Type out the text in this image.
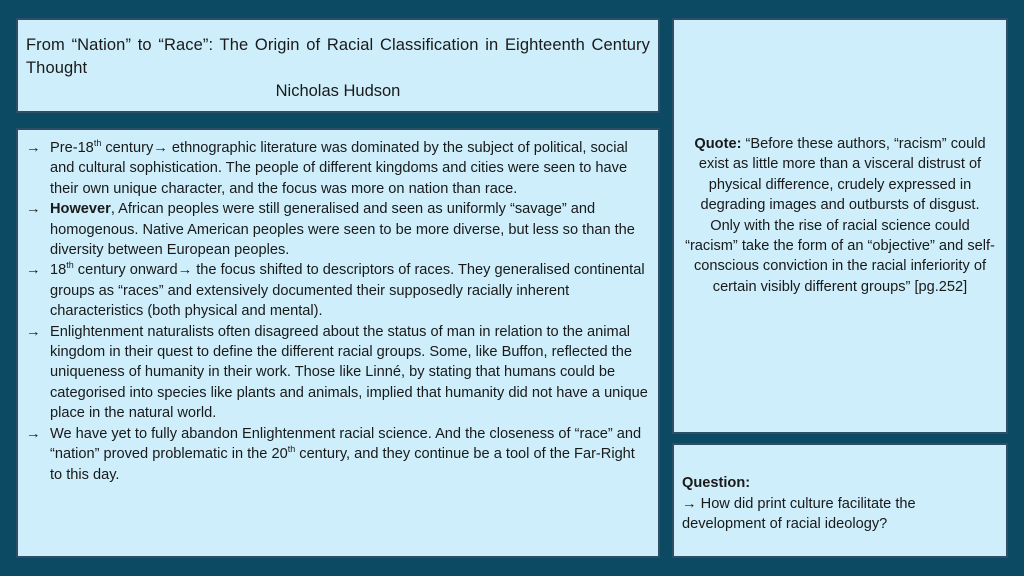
From “Nation” to “Race”: The Origin of Racial Classification in Eighteenth Century Thought
Nicholas Hudson
→ Pre-18th century→ ethnographic literature was dominated by the subject of political, social and cultural sophistication. The people of different kingdoms and cities were seen to have their own unique character, and the focus was more on nation than race.
→ However, African peoples were still generalised and seen as uniformly “savage” and homogenous. Native American peoples were seen to be more diverse, but less so than the diversity between European peoples.
→ 18th century onward→ the focus shifted to descriptors of races. They generalised continental groups as “races” and extensively documented their supposedly racially inherent characteristics (both physical and mental).
→ Enlightenment naturalists often disagreed about the status of man in relation to the animal kingdom in their quest to define the different racial groups. Some, like Buffon, reflected the uniqueness of humanity in their work. Those like Linné, by stating that humans could be categorised into species like plants and animals, implied that humanity did not have a unique place in the natural world.
→ We have yet to fully abandon Enlightenment racial science. And the closeness of “race” and “nation” proved problematic in the 20th century, and they continue be a tool of the Far-Right to this day.
Quote: “Before these authors, “racism” could exist as little more than a visceral distrust of physical difference, crudely expressed in degrading images and outbursts of disgust. Only with the rise of racial science could “racism” take the form of an “objective” and self-conscious conviction in the racial inferiority of certain visibly different groups” [pg.252]
Question:
→ How did print culture facilitate the development of racial ideology?
